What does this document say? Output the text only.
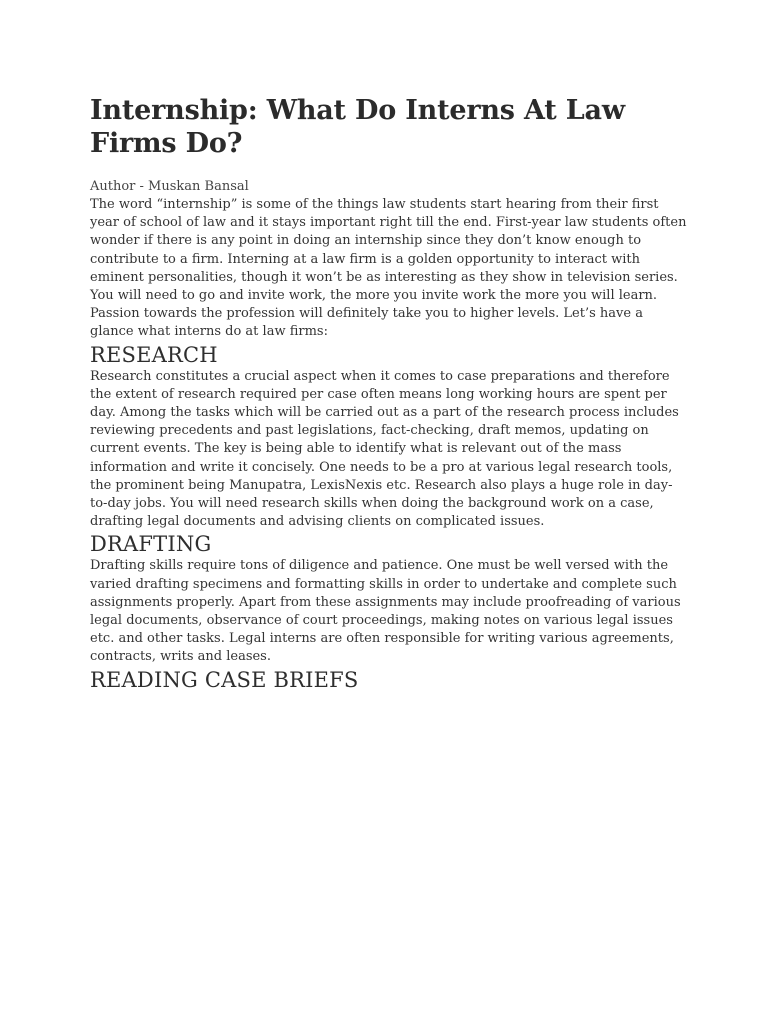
Internship: What Do Interns At Law Firms Do?
Author - Muskan Bansal

The word “internship” is some of the things law students start hearing from their first year of school of law and it stays important right till the end. First-year law students often wonder if there is any point in doing an internship since they don’t know enough to contribute to a firm. Interning at a law firm is a golden opportunity to interact with eminent personalities, though it won’t be as interesting as they show in television series. You will need to go and invite work, the more you invite work the more you will learn. Passion towards the profession will definitely take you to higher levels. Let’s have a glance what interns do at law firms:

RESEARCH

Research constitutes a crucial aspect when it comes to case preparations and therefore the extent of research required per case often means long working hours are spent per day. Among the tasks which will be carried out as a part of the research process includes reviewing precedents and past legislations, fact-checking, draft memos, updating on current events. The key is being able to identify what is relevant out of the mass information and write it concisely. One needs to be a pro at various legal research tools, the prominent being Manupatra, LexisNexis etc. Research also plays a huge role in day-to-day jobs. You will need research skills when doing the background work on a case, drafting legal documents and advising clients on complicated issues.

DRAFTING

Drafting skills require tons of diligence and patience. One must be well versed with the varied drafting specimens and formatting skills in order to undertake and complete such assignments properly. Apart from these assignments may include proofreading of various legal documents, observance of court proceedings, making notes on various legal issues etc. and other tasks. Legal interns are often responsible for writing various agreements, contracts, writs and leases.

READING CASE BRIEFS
